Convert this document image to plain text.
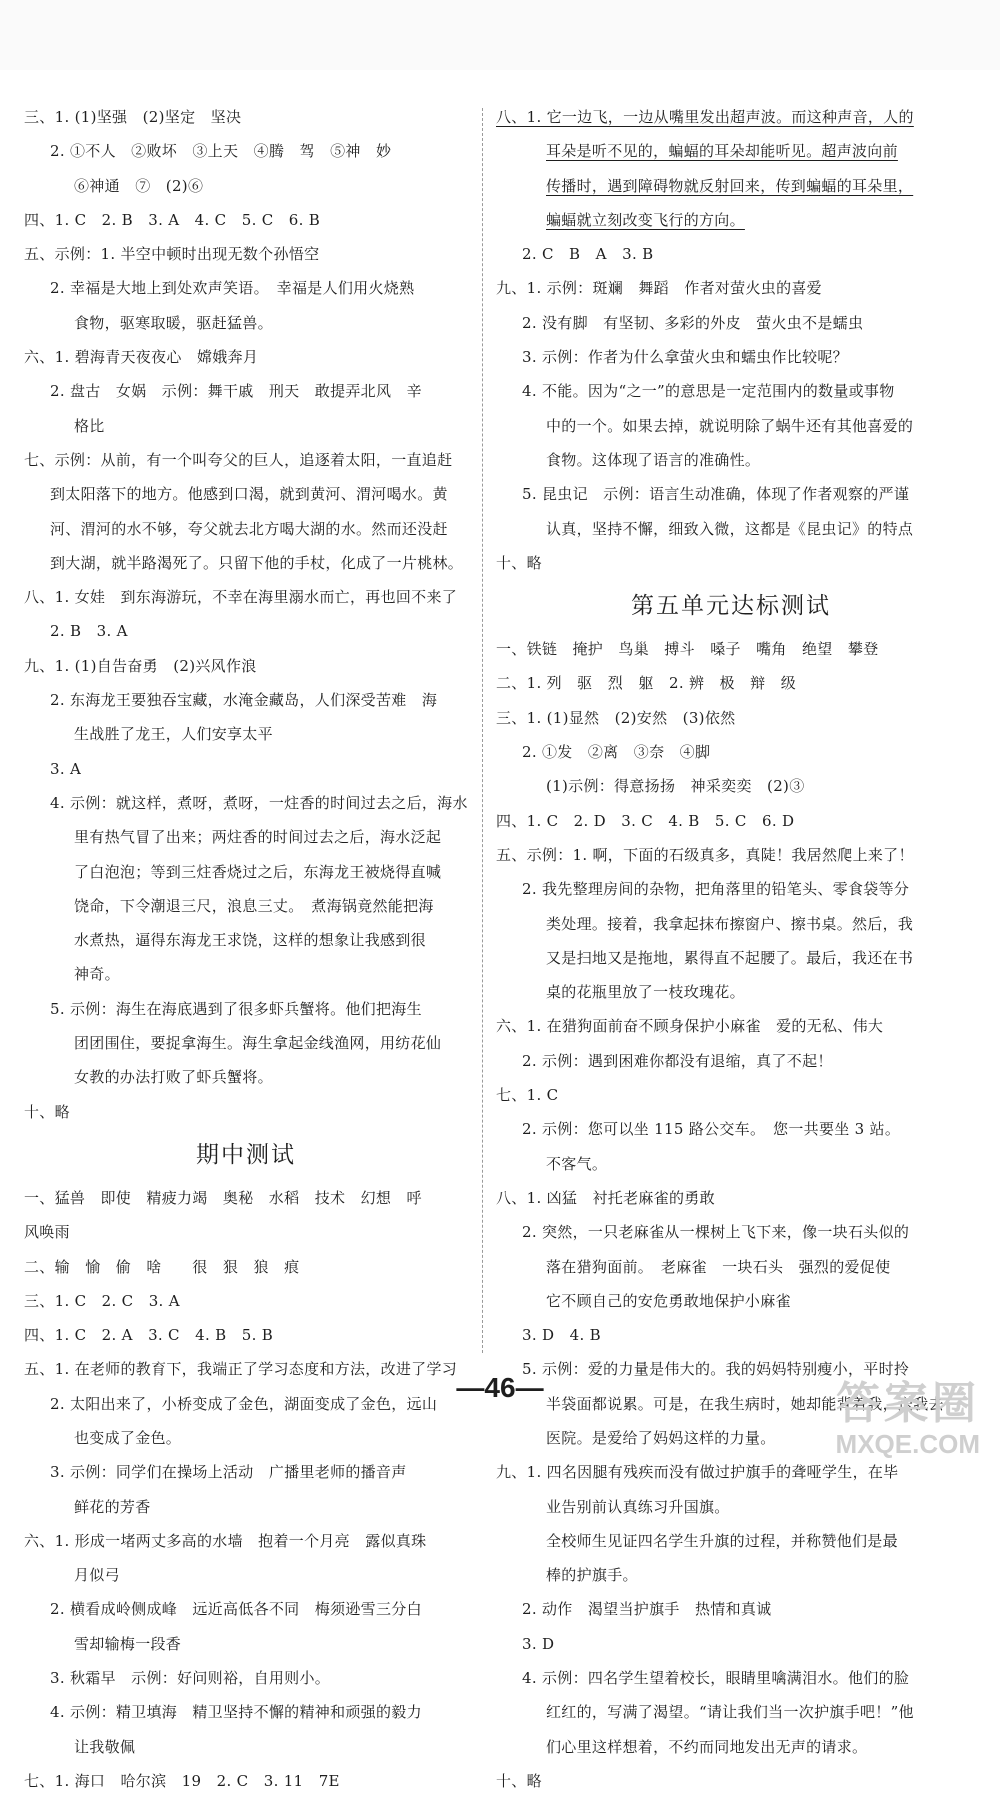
三、1. (1)坚强　(2)坚定　坚决
2. ①不人　②败坏　③上天　④腾　驾　⑤神　妙
⑥神通　⑦　(2)⑥
四、1. C　2. B　3. A　4. C　5. C　6. B
五、示例：1. 半空中顿时出现无数个孙悟空
2. 幸福是大地上到处欢声笑语。　幸福是人们用火烧熟
食物，驱寒取暖，驱赶猛兽。
六、1. 碧海青天夜夜心　嫦娥奔月
2. 盘古　女娲　示例：舞干戚　刑天　敢提弄北风　辛
格比
七、示例：从前，有一个叫夸父的巨人，追逐着太阳，一直追赶
到太阳落下的地方。他感到口渴，就到黄河、渭河喝水。黄
河、渭河的水不够，夸父就去北方喝大湖的水。然而还没赶
到大湖，就半路渴死了。只留下他的手杖，化成了一片桃林。
八、1. 女娃　到东海游玩，不幸在海里溺水而亡，再也回不来了
2. B　3. A
九、1. (1)自告奋勇　(2)兴风作浪
2. 东海龙王要独吞宝藏，水淹金藏岛，人们深受苦难　海
生战胜了龙王，人们安享太平
3. A
4. 示例：就这样，煮呀，煮呀，一炷香的时间过去之后，海水
里有热气冒了出来；两炷香的时间过去之后，海水泛起
了白泡泡；等到三炷香烧过之后，东海龙王被烧得直喊
饶命，下令潮退三尺，浪息三丈。　煮海锅竟然能把海
水煮热，逼得东海龙王求饶，这样的想象让我感到很
神奇。
5. 示例：海生在海底遇到了很多虾兵蟹将。他们把海生
团团围住，要捉拿海生。海生拿起金线渔网，用纺花仙
女教的办法打败了虾兵蟹将。
十、略
期中测试
一、猛兽　即使　精疲力竭　奥秘　水稻　技术　幻想　呼
风唤雨
二、输　愉　偷　啥　　很　狠　狼　痕
三、1. C　2. C　3. A
四、1. C　2. A　3. C　4. B　5. B
五、1. 在老师的教育下，我端正了学习态度和方法，改进了学习
2. 太阳出来了，小桥变成了金色，湖面变成了金色，远山
也变成了金色。
3. 示例：同学们在操场上活动　广播里老师的播音声
鲜花的芳香
六、1. 形成一堵两丈多高的水墙　抱着一个月亮　露似真珠
月似弓
2. 横看成岭侧成峰　远近高低各不同　梅须逊雪三分白
雪却输梅一段香
3. 秋霜早　示例：好问则裕，自用则小。
4. 示例：精卫填海　精卫坚持不懈的精神和顽强的毅力
让我敬佩
七、1. 海口　哈尔滨　19　2. C　3. 11　7E
八、1. 它一边飞，一边从嘴里发出超声波。而这种声音，人的
耳朵是听不见的，蝙蝠的耳朵却能听见。超声波向前
传播时，遇到障碍物就反射回来，传到蝙蝠的耳朵里，
蝙蝠就立刻改变飞行的方向。
2. C　B　A　3. B
九、1. 示例：斑斓　舞蹈　作者对萤火虫的喜爱
2. 没有脚　有坚韧、多彩的外皮　萤火虫不是蠕虫
3. 示例：作者为什么拿萤火虫和蠕虫作比较呢？
4. 不能。因为“之一”的意思是一定范围内的数量或事物
中的一个。如果去掉，就说明除了蜗牛还有其他喜爱的
食物。这体现了语言的准确性。
5. 昆虫记　示例：语言生动准确，体现了作者观察的严谨
认真，坚持不懈，细致入微，这都是《昆虫记》的特点
十、略
第五单元达标测试
一、铁链　掩护　鸟巢　搏斗　嗓子　嘴角　绝望　攀登
二、1. 列　驱　烈　躯　2. 辨　极　辩　级
三、1. (1)显然　(2)安然　(3)依然
2. ①发　②离　③奈　④脚
(1)示例：得意扬扬　神采奕奕　(2)③
四、1. C　2. D　3. C　4. B　5. C　6. D
五、示例：1. 啊，下面的石级真多，真陡！我居然爬上来了！
2. 我先整理房间的杂物，把角落里的铅笔头、零食袋等分
类处理。接着，我拿起抹布擦窗户、擦书桌。然后，我
又是扫地又是拖地，累得直不起腰了。最后，我还在书
桌的花瓶里放了一枝玫瑰花。
六、1. 在猎狗面前奋不顾身保护小麻雀　爱的无私、伟大
2. 示例：遇到困难你都没有退缩，真了不起！
七、1. C
2. 示例：您可以坐 115 路公交车。　您一共要坐 3 站。
不客气。
八、1. 凶猛　衬托老麻雀的勇敢
2. 突然，一只老麻雀从一棵树上飞下来，像一块石头似的
落在猎狗面前。　老麻雀　一块石头　强烈的爱促使
它不顾自己的安危勇敢地保护小麻雀
3. D　4. B
5. 示例：爱的力量是伟大的。我的妈妈特别瘦小，平时拎
半袋面都说累。可是，在我生病时，她却能背着我，送我去
医院。是爱给了妈妈这样的力量。
九、1. 四名因腿有残疾而没有做过护旗手的聋哑学生，在毕
业告别前认真练习升国旗。
全校师生见证四名学生升旗的过程，并称赞他们是最
棒的护旗手。
2. 动作　渴望当护旗手　热情和真诚
3. D
4. 示例：四名学生望着校长，眼睛里噙满泪水。他们的脸
红红的，写满了渴望。“请让我们当一次护旗手吧！”他
们心里这样想着，不约而同地发出无声的请求。
十、略
—46—	答案圈
MXQE.COM
